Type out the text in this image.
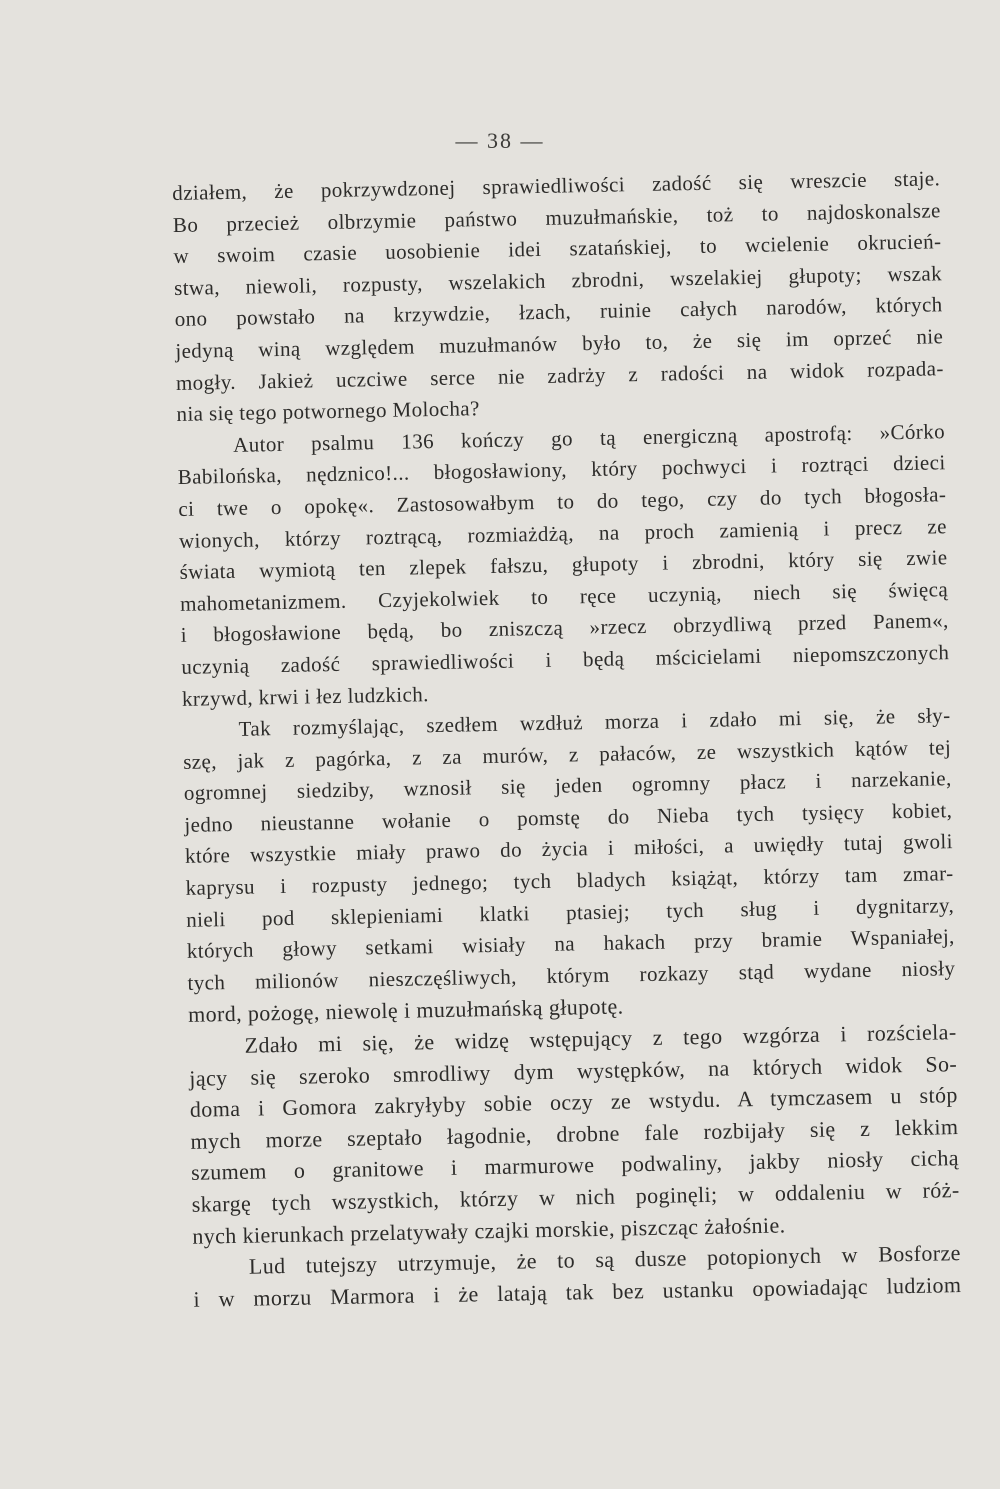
— 38 —
działem, że pokrzywdzonej sprawiedliwości zadość się wreszcie staje.
Bo przecież olbrzymie państwo muzułmańskie, toż to najdoskonalsze
w swoim czasie uosobienie idei szatańskiej, to wcielenie okrucień-
stwa, niewoli, rozpusty, wszelakich zbrodni, wszelakiej głupoty; wszak
ono powstało na krzywdzie, łzach, ruinie całych narodów, których
jedyną winą względem muzułmanów było to, że się im oprzeć nie
mogły. Jakież uczciwe serce nie zadrży z radości na widok rozpada-
nia się tego potwornego Molocha?
Autor psalmu 136 kończy go tą energiczną apostrofą: »Córko
Babilońska, nędznico!... błogosławiony, który pochwyci i roztrąci dzieci
ci twe o opokę«. Zastosowałbym to do tego, czy do tych błogosła-
wionych, którzy roztrącą, rozmiażdżą, na proch zamienią i precz ze
świata wymiotą ten zlepek fałszu, głupoty i zbrodni, który się zwie
mahometanizmem. Czyjekolwiek to ręce uczynią, niech się święcą
i błogosławione będą, bo zniszczą »rzecz obrzydliwą przed Panem«,
uczynią zadość sprawiedliwości i będą mścicielami niepomszczonych
krzywd, krwi i łez ludzkich.
Tak rozmyślając, szedłem wzdłuż morza i zdało mi się, że sły-
szę, jak z pagórka, z za murów, z pałaców, ze wszystkich kątów tej
ogromnej siedziby, wznosił się jeden ogromny płacz i narzekanie,
jedno nieustanne wołanie o pomstę do Nieba tych tysięcy kobiet,
które wszystkie miały prawo do życia i miłości, a uwiędły tutaj gwoli
kaprysu i rozpusty jednego; tych bladych książąt, którzy tam zmar-
nieli pod sklepieniami klatki ptasiej; tych sług i dygnitarzy,
których głowy setkami wisiały na hakach przy bramie Wspaniałej,
tych milionów nieszczęśliwych, którym rozkazy stąd wydane niosły
mord, pożogę, niewolę i muzułmańską głupotę.
Zdało mi się, że widzę wstępujący z tego wzgórza i rozściela-
jący się szeroko smrodliwy dym występków, na których widok So-
doma i Gomora zakryłyby sobie oczy ze wstydu. A tymczasem u stóp
mych morze szeptało łagodnie, drobne fale rozbijały się z lekkim
szumem o granitowe i marmurowe podwaliny, jakby niosły cichą
skargę tych wszystkich, którzy w nich poginęli; w oddaleniu w róż-
nych kierunkach przelatywały czajki morskie, piszcząc żałośnie.
Lud tutejszy utrzymuje, że to są dusze potopionych w Bosforze
i w morzu Marmora i że latają tak bez ustanku opowiadając ludziom
